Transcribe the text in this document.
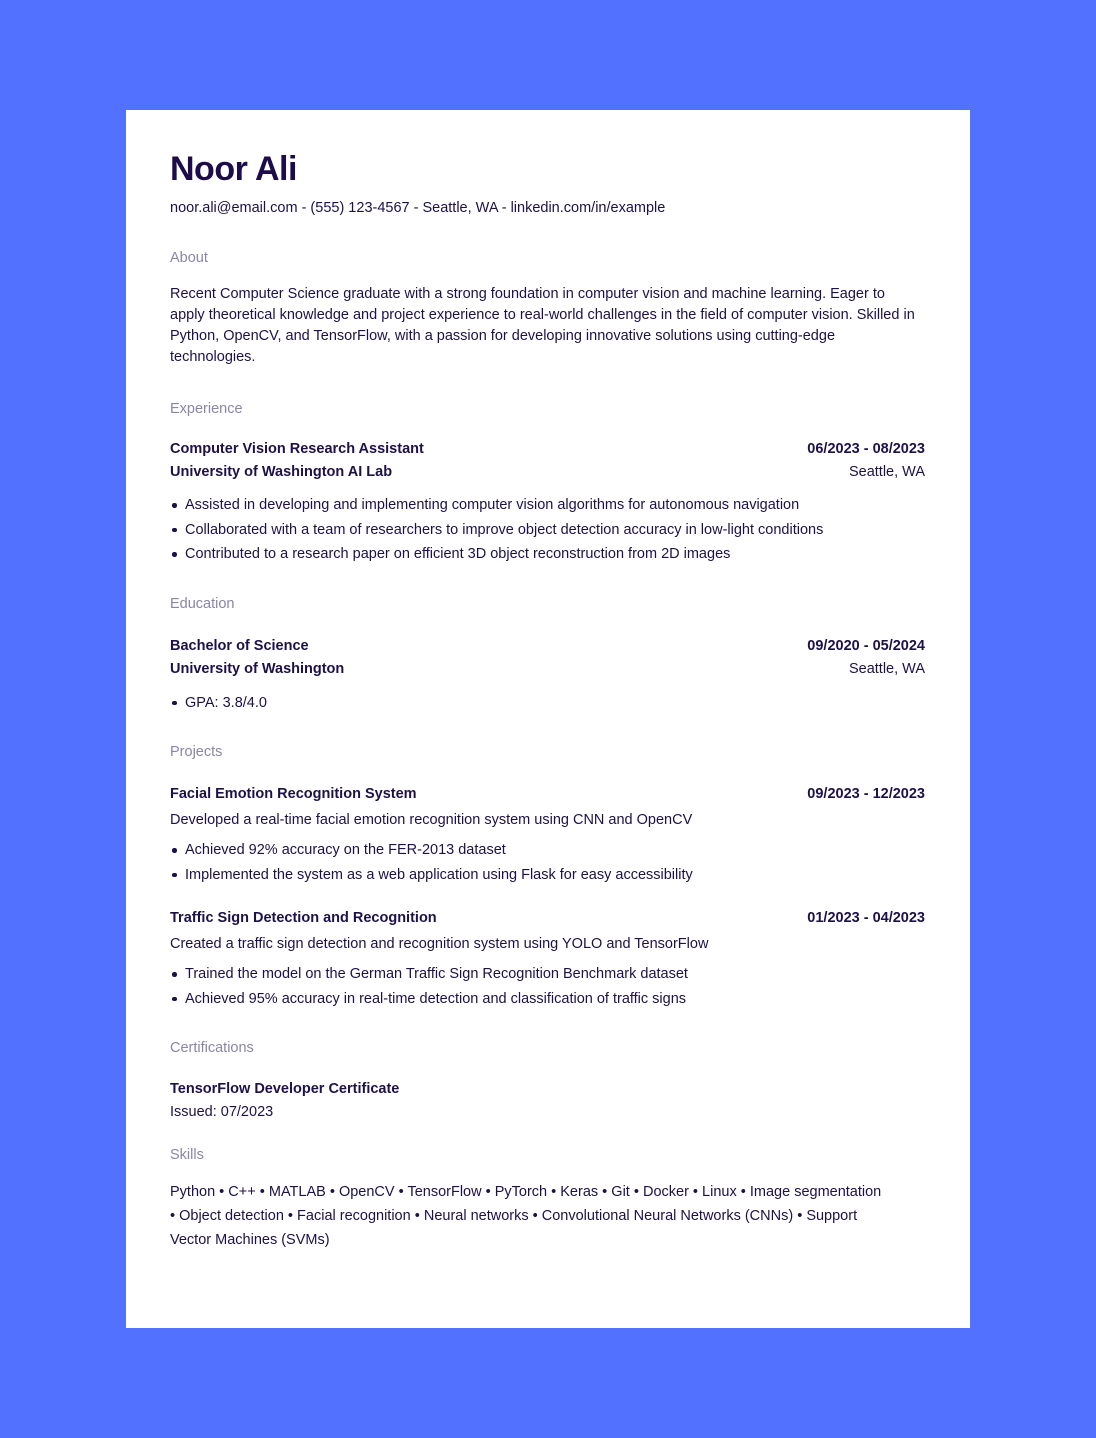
Noor Ali
noor.ali@email.com - (555) 123-4567 - Seattle, WA - linkedin.com/in/example
About
Recent Computer Science graduate with a strong foundation in computer vision and machine learning. Eager to apply theoretical knowledge and project experience to real-world challenges in the field of computer vision. Skilled in Python, OpenCV, and TensorFlow, with a passion for developing innovative solutions using cutting-edge technologies.
Experience
Computer Vision Research Assistant	06/2023 - 08/2023
University of Washington AI Lab	Seattle, WA
Assisted in developing and implementing computer vision algorithms for autonomous navigation
Collaborated with a team of researchers to improve object detection accuracy in low-light conditions
Contributed to a research paper on efficient 3D object reconstruction from 2D images
Education
Bachelor of Science	09/2020 - 05/2024
University of Washington	Seattle, WA
GPA: 3.8/4.0
Projects
Facial Emotion Recognition System	09/2023 - 12/2023
Developed a real-time facial emotion recognition system using CNN and OpenCV
Achieved 92% accuracy on the FER-2013 dataset
Implemented the system as a web application using Flask for easy accessibility
Traffic Sign Detection and Recognition	01/2023 - 04/2023
Created a traffic sign detection and recognition system using YOLO and TensorFlow
Trained the model on the German Traffic Sign Recognition Benchmark dataset
Achieved 95% accuracy in real-time detection and classification of traffic signs
Certifications
TensorFlow Developer Certificate
Issued: 07/2023
Skills
Python • C++ • MATLAB • OpenCV • TensorFlow • PyTorch • Keras • Git • Docker • Linux • Image segmentation • Object detection • Facial recognition • Neural networks • Convolutional Neural Networks (CNNs) • Support Vector Machines (SVMs)
